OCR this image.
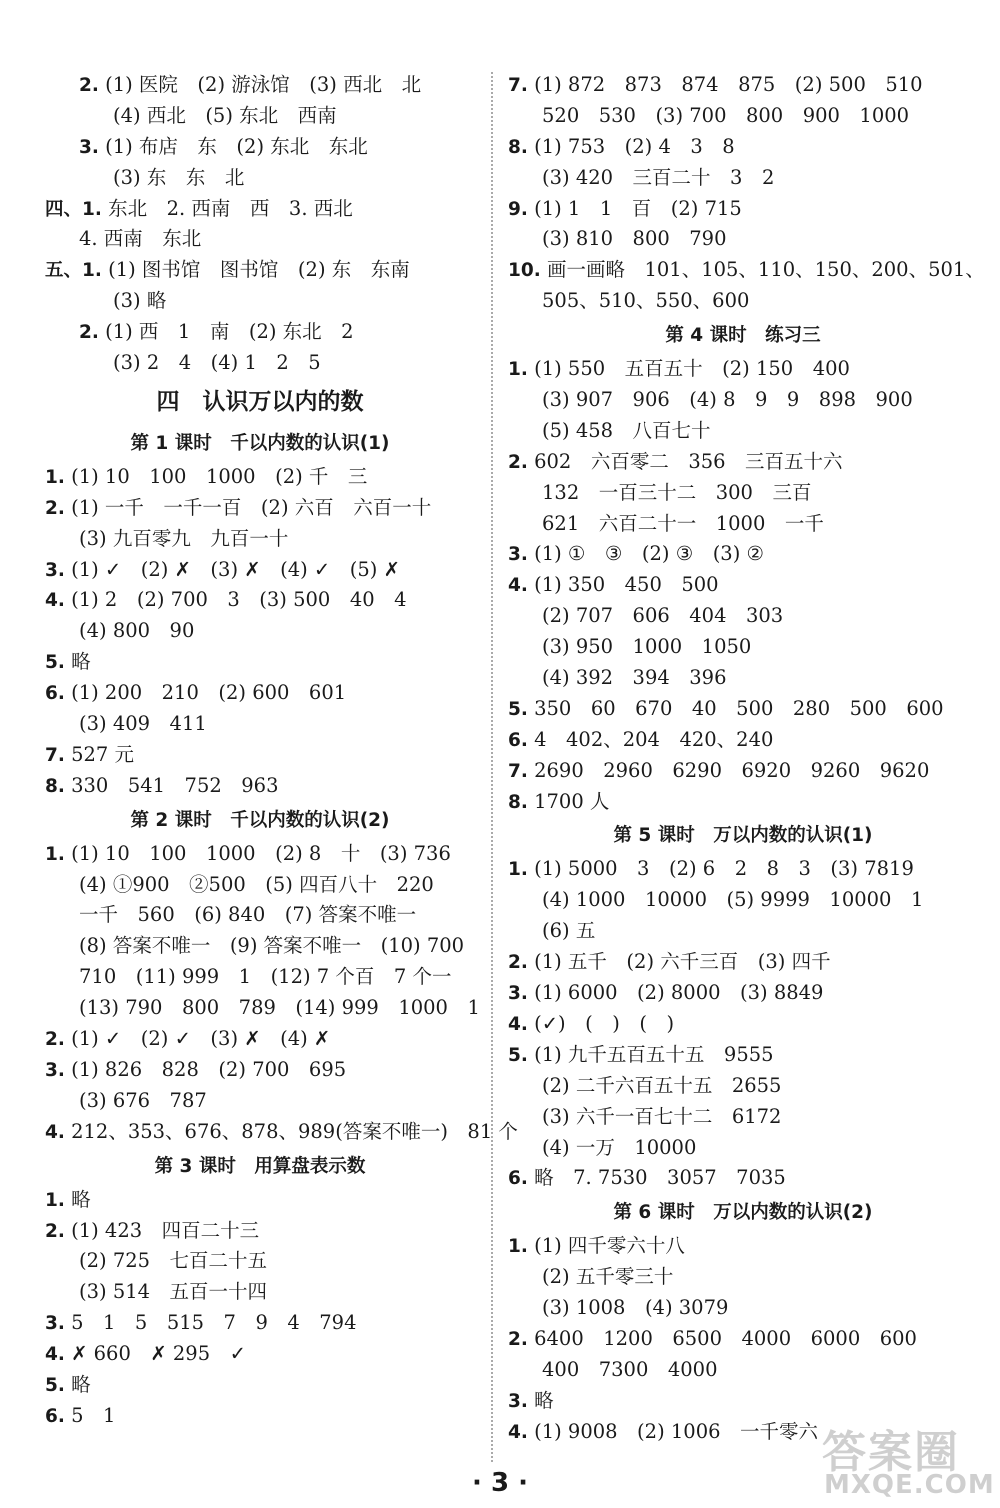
2. (1) 医院　(2) 游泳馆　(3) 西北　北
(4) 西北　(5) 东北　西南
3. (1) 布店　东　(2) 东北　东北
(3) 东　东　北
四、1. 东北　2. 西南　西　3. 西北
4. 西南　东北
五、1. (1) 图书馆　图书馆　(2) 东　东南
(3) 略
2. (1) 西　1　南　(2) 东北　2
(3) 2　4　(4) 1　2　5
四　认识万以内的数
第 1 课时　千以内数的认识(1)
1. (1) 10　100　1000　(2) 千　三
2. (1) 一千　一千一百　(2) 六百　六百一十
(3) 九百零九　九百一十
3. (1) ✓　(2) ✗　(3) ✗　(4) ✓　(5) ✗
4. (1) 2　(2) 700　3　(3) 500　40　4
(4) 800　90
5. 略
6. (1) 200　210　(2) 600　601
(3) 409　411
7. 527 元
8. 330　541　752　963
第 2 课时　千以内数的认识(2)
1. (1) 10　100　1000　(2) 8　十　(3) 736
(4) ①900　②500　(5) 四百八十　220
一千　560　(6) 840　(7) 答案不唯一
(8) 答案不唯一　(9) 答案不唯一　(10) 700
710　(11) 999　1　(12) 7 个百　7 个一
(13) 790　800　789　(14) 999　1000　1
2. (1) ✓　(2) ✓　(3) ✗　(4) ✗
3. (1) 826　828　(2) 700　695
(3) 676　787
4. 212、353、676、878、989(答案不唯一)　81 个
第 3 课时　用算盘表示数
1. 略
2. (1) 423　四百二十三
(2) 725　七百二十五
(3) 514　五百一十四
3. 5　1　5　515　7　9　4　794
4. ✗ 660　✗ 295　✓
5. 略
6. 5　1
7. (1) 872　873　874　875　(2) 500　510
520　530　(3) 700　800　900　1000
8. (1) 753　(2) 4　3　8
(3) 420　三百二十　3　2
9. (1) 1　1　百　(2) 715
(3) 810　800　790
10. 画一画略　101、105、110、150、200、501、
505、510、550、600
第 4 课时　练习三
1. (1) 550　五百五十　(2) 150　400
(3) 907　906　(4) 8　9　9　898　900
(5) 458　八百七十
2. 602　六百零二　356　三百五十六
132　一百三十二　300　三百
621　六百二十一　1000　一千
3. (1) ①　③　(2) ③　(3) ②
4. (1) 350　450　500
(2) 707　606　404　303
(3) 950　1000　1050
(4) 392　394　396
5. 350　60　670　40　500　280　500　600
6. 4　402、204　420、240
7. 2690　2960　6290　6920　9260　9620
8. 1700 人
第 5 课时　万以内数的认识(1)
1. (1) 5000　3　(2) 6　2　8　3　(3) 7819
(4) 1000　10000　(5) 9999　10000　1
(6) 五
2. (1) 五千　(2) 六千三百　(3) 四千
3. (1) 6000　(2) 8000　(3) 8849
4. (✓)　(　)　(　)
5. (1) 九千五百五十五　9555
(2) 二千六百五十五　2655
(3) 六千一百七十二　6172
(4) 一万　10000
6. 略　7. 7530　3057　7035
第 6 课时　万以内数的认识(2)
1. (1) 四千零六十八
(2) 五千零三十
(3) 1008　(4) 3079
2. 6400　1200　6500　4000　6000　600
400　7300　4000
3. 略
4. (1) 9008　(2) 1006　一千零六
· 3 ·
答案圈
MXQE.COM
